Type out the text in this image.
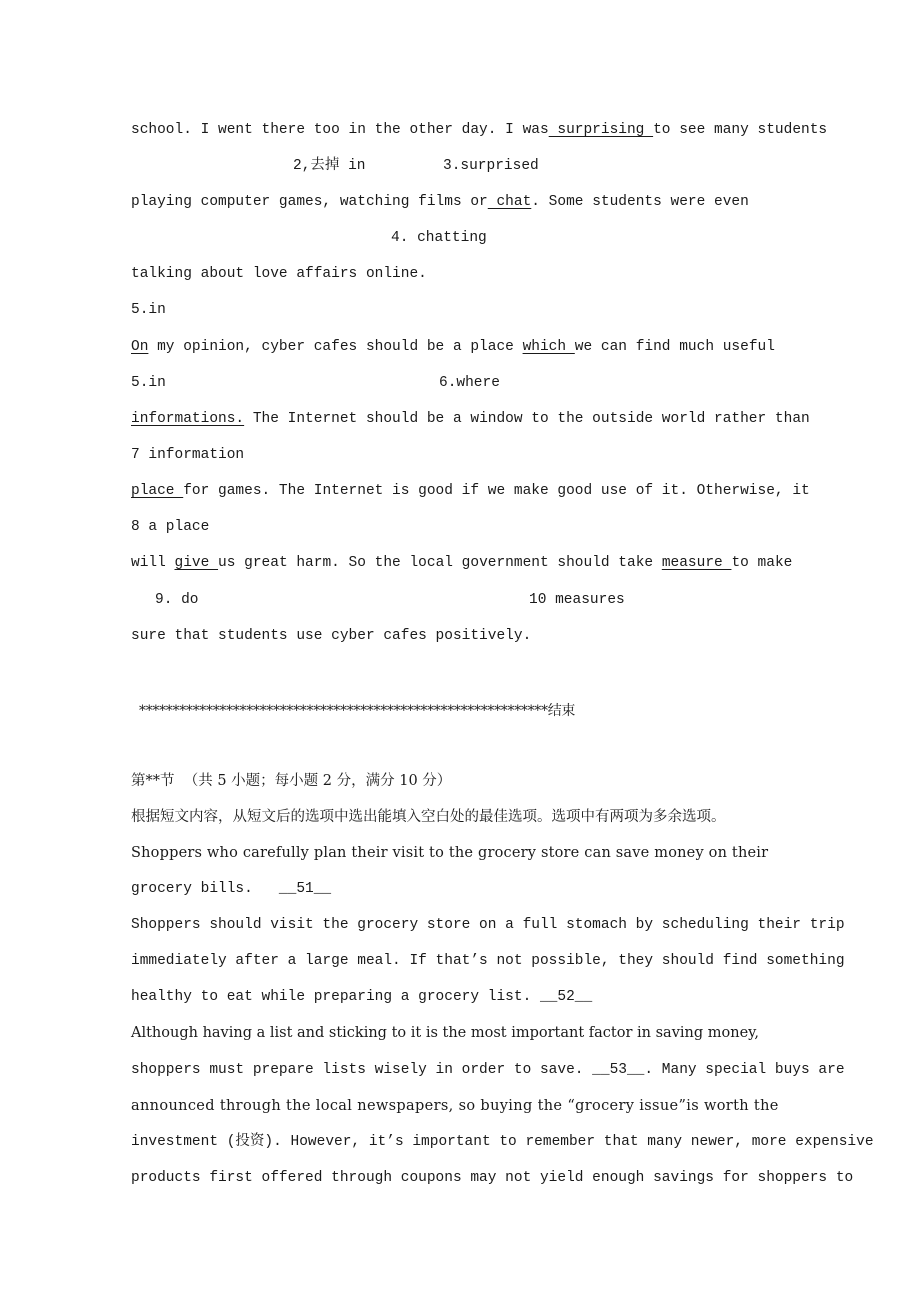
school. I went there too in the other day. I was surprising to see many students
2,去掉 in	3.surprised
playing computer games, watching films or chat. Some students were even
4. chatting
talking about love affairs online.
5.in
On my opinion, cyber cafes should be a place which we can find much useful
5.in	6.where
informations. The Internet should be a window to the outside world rather than
7 information
place for games. The Internet is good if we make good use of it. Otherwise, it
8 a place
will give us great harm. So the local government should take measure to make
9. do	10 measures
sure that students use cyber cafes positively.
*************************************************************结束
第**节  （共 5 小题；每小题 2 分，满分 10 分）
根据短文内容，从短文后的选项中选出能填入空白处的最佳选项。选项中有两项为多余选项。
Shoppers who carefully plan their visit to the grocery store can save money on their
grocery bills.   __51__
Shoppers should visit the grocery store on a full stomach by scheduling their trip
immediately after a large meal. If that’s not possible, they should find something
healthy to eat while preparing a grocery list. __52__
Although having a list and sticking to it is the most important factor in saving money,
shoppers must prepare lists wisely in order to save. __53__. Many special buys are
announced through the local newspapers, so buying the “grocery issue”is worth the
investment (投资). However, it’s important to remember that many newer, more expensive
products first offered through coupons may not yield enough savings for shoppers to
